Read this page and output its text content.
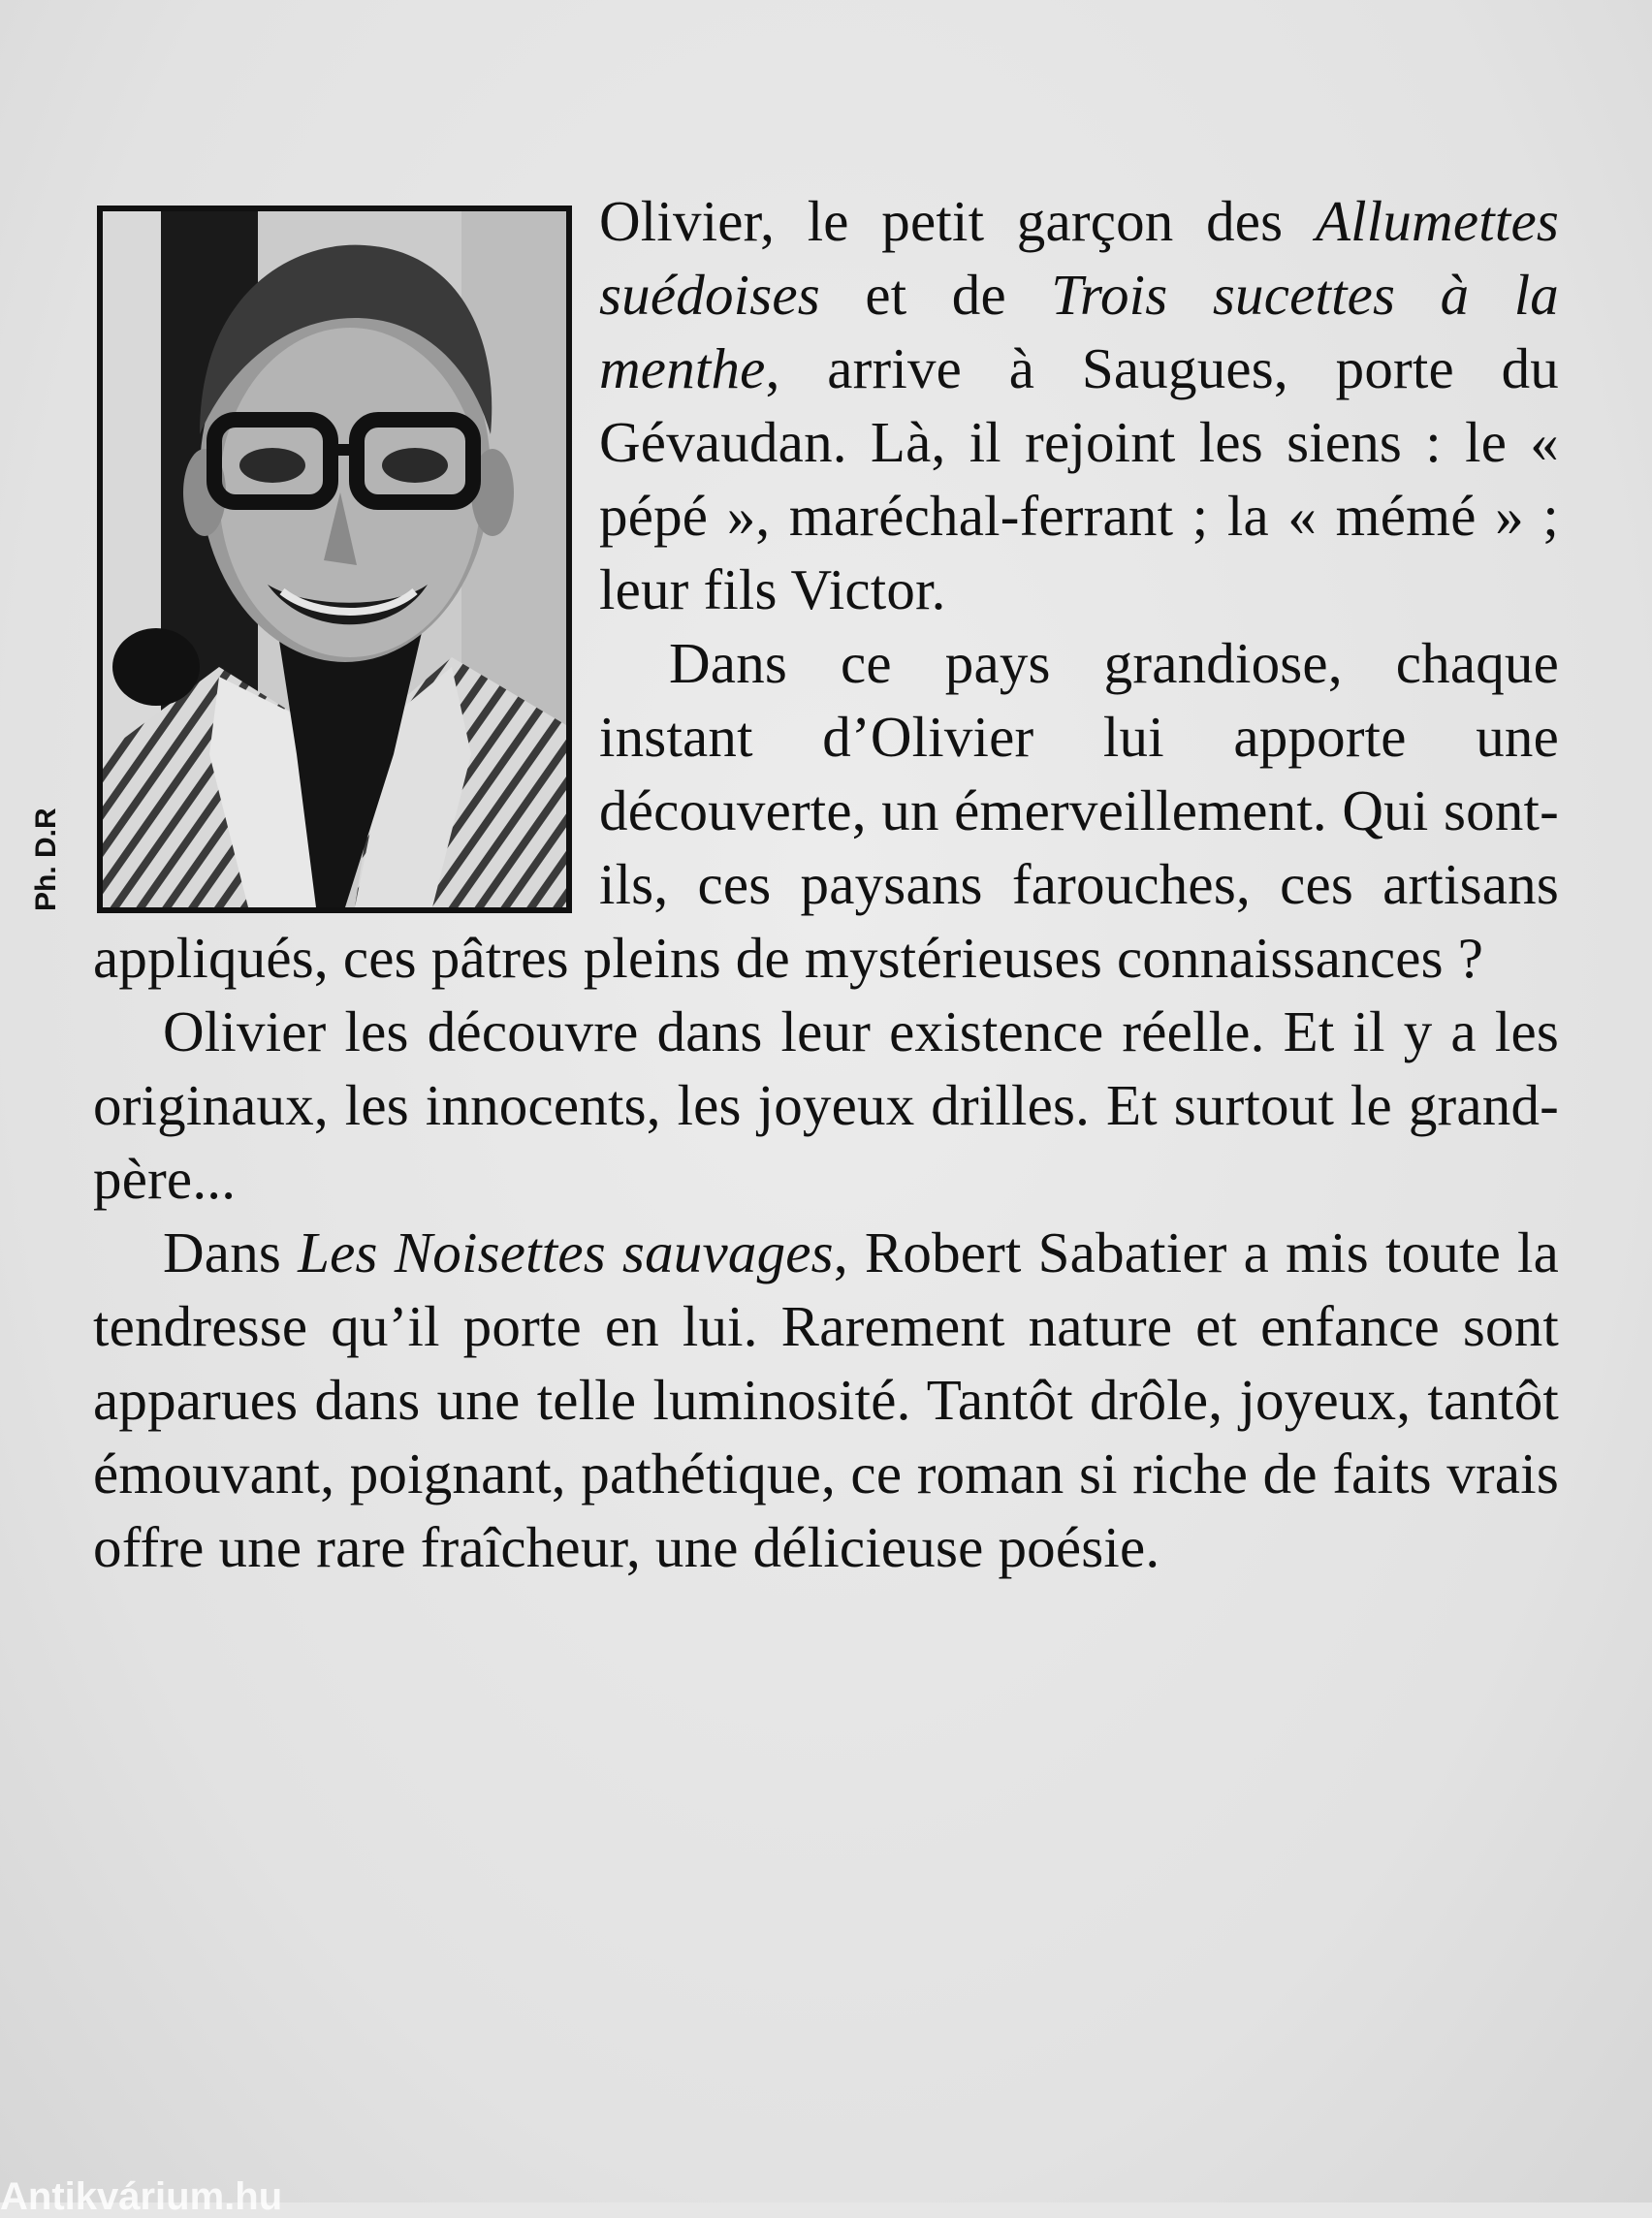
Ph. D.R

Olivier, le petit garçon des Allumettes suédoises et de Trois sucettes à la menthe, arrive à Saugues, porte du Gévaudan. Là, il rejoint les siens : le « pépé », maréchal-ferrant ; la « mémé » ; leur fils Victor.

Dans ce pays grandiose, chaque instant d’Olivier lui apporte une découverte, un émerveillement. Qui sont-ils, ces paysans farouches, ces artisans appliqués, ces pâtres pleins de mystérieuses connaissances ?

Olivier les découvre dans leur existence réelle. Et il y a les originaux, les innocents, les joyeux drilles. Et surtout le grand-père...

Dans Les Noisettes sauvages, Robert Sabatier a mis toute la tendresse qu’il porte en lui. Rarement nature et enfance sont apparues dans une telle luminosité. Tantôt drôle, joyeux, tantôt émouvant, poignant, pathétique, ce roman si riche de faits vrais offre une rare fraîcheur, une délicieuse poésie.

Antikvárium.hu
